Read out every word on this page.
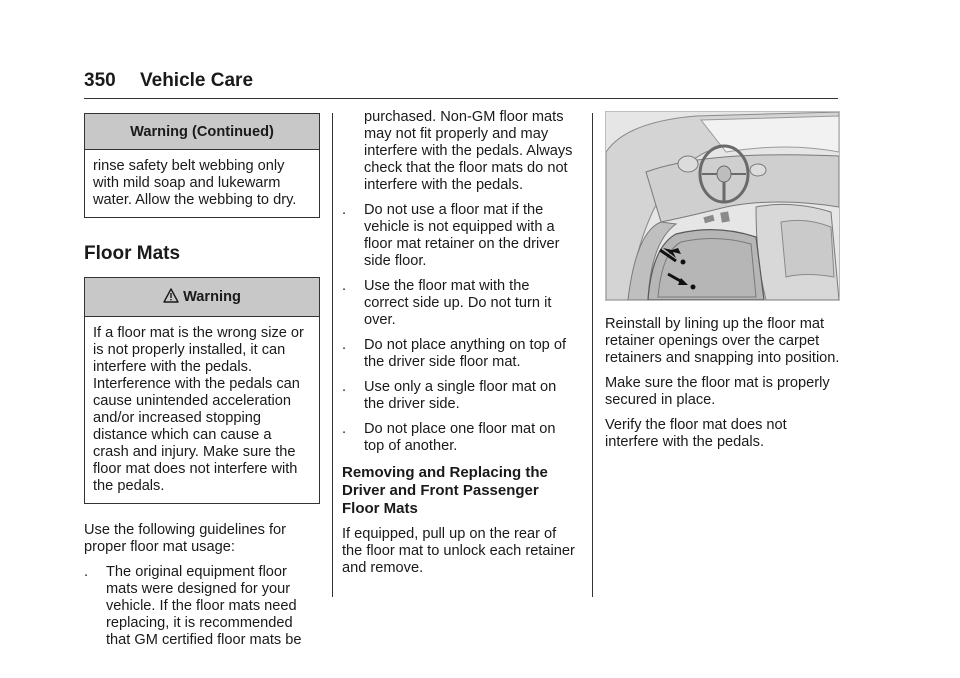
350 Vehicle Care
Warning (Continued)
rinse safety belt webbing only with mild soap and lukewarm water. Allow the webbing to dry.
Floor Mats
Warning
If a floor mat is the wrong size or is not properly installed, it can interfere with the pedals. Interference with the pedals can cause unintended acceleration and/or increased stopping distance which can cause a crash and injury. Make sure the floor mat does not interfere with the pedals.

Use the following guidelines for proper floor mat usage:

. The original equipment floor mats were designed for your vehicle. If the floor mats need replacing, it is recommended that GM certified floor mats be

purchased. Non-GM floor mats may not fit properly and may interfere with the pedals. Always check that the floor mats do not interfere with the pedals.

. Do not use a floor mat if the vehicle is not equipped with a floor mat retainer on the driver side floor.
. Use the floor mat with the correct side up. Do not turn it over.
. Do not place anything on top of the driver side floor mat.
. Use only a single floor mat on the driver side.
. Do not place one floor mat on top of another.
Removing and Replacing the Driver and Front Passenger Floor Mats

If equipped, pull up on the rear of the floor mat to unlock each retainer and remove.

Reinstall by lining up the floor mat retainer openings over the carpet retainers and snapping into position.

Make sure the floor mat is properly secured in place.

Verify the floor mat does not interfere with the pedals.
